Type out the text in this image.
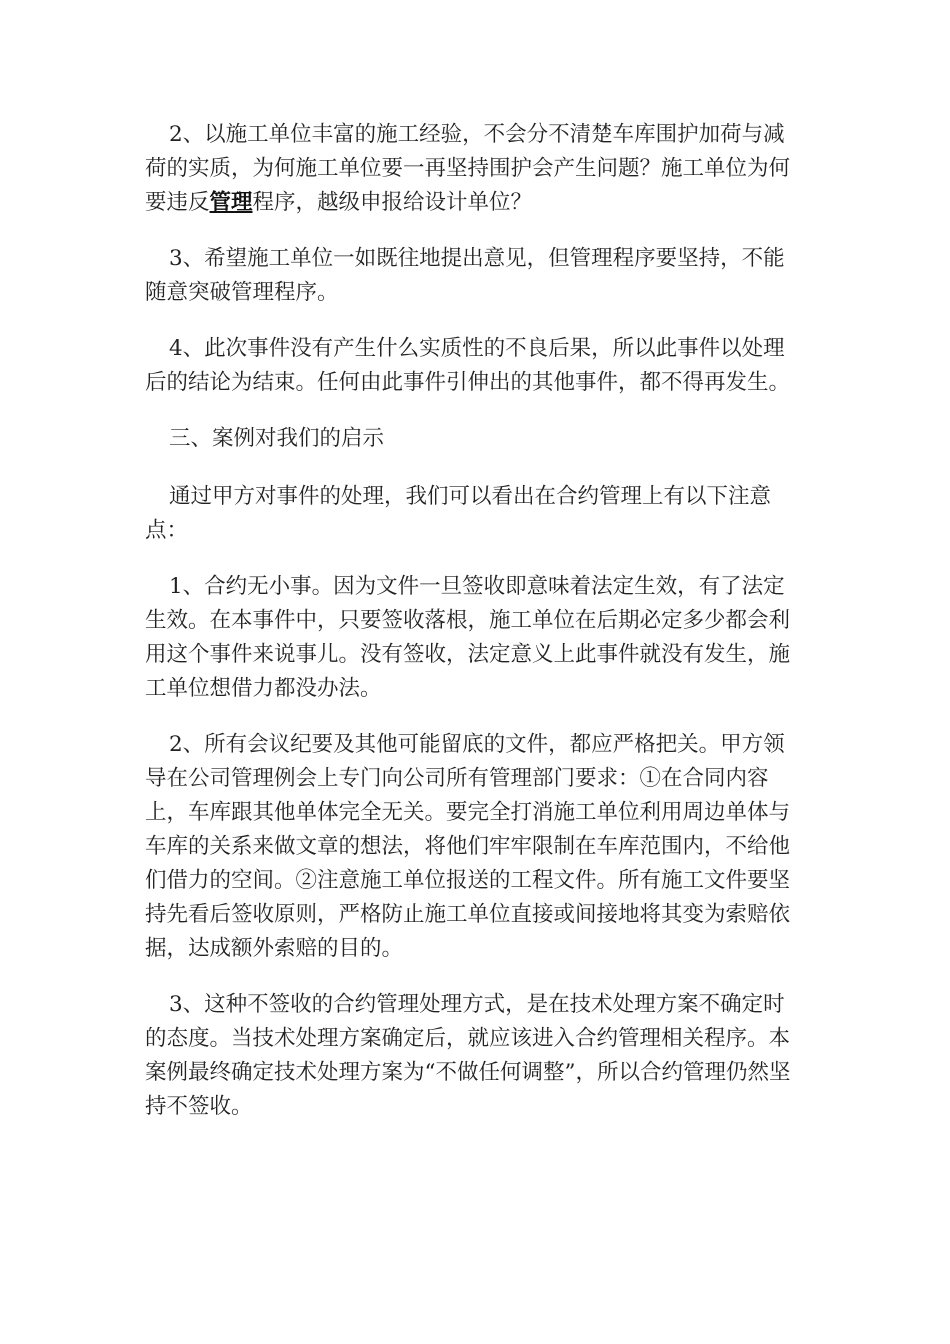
2、以施工单位丰富的施工经验，不会分不清楚车库围护加荷与减荷的实质，为何施工单位要一再坚持围护会产生问题？施工单位为何要违反管理程序，越级申报给设计单位？

3、希望施工单位一如既往地提出意见，但管理程序要坚持，不能随意突破管理程序。

4、此次事件没有产生什么实质性的不良后果，所以此事件以处理后的结论为结束。任何由此事件引伸出的其他事件，都不得再发生。

三、案例对我们的启示

通过甲方对事件的处理，我们可以看出在合约管理上有以下注意点：

1、合约无小事。因为文件一旦签收即意味着法定生效，有了法定生效。在本事件中，只要签收落根，施工单位在后期必定多少都会利用这个事件来说事儿。没有签收，法定意义上此事件就没有发生，施工单位想借力都没办法。

2、所有会议纪要及其他可能留底的文件，都应严格把关。甲方领导在公司管理例会上专门向公司所有管理部门要求：①在合同内容上，车库跟其他单体完全无关。要完全打消施工单位利用周边单体与车库的关系来做文章的想法，将他们牢牢限制在车库范围内，不给他们借力的空间。②注意施工单位报送的工程文件。所有施工文件要坚持先看后签收原则，严格防止施工单位直接或间接地将其变为索赔依据，达成额外索赔的目的。

3、这种不签收的合约管理处理方式，是在技术处理方案不确定时的态度。当技术处理方案确定后，就应该进入合约管理相关程序。本案例最终确定技术处理方案为“不做任何调整”，所以合约管理仍然坚持不签收。
